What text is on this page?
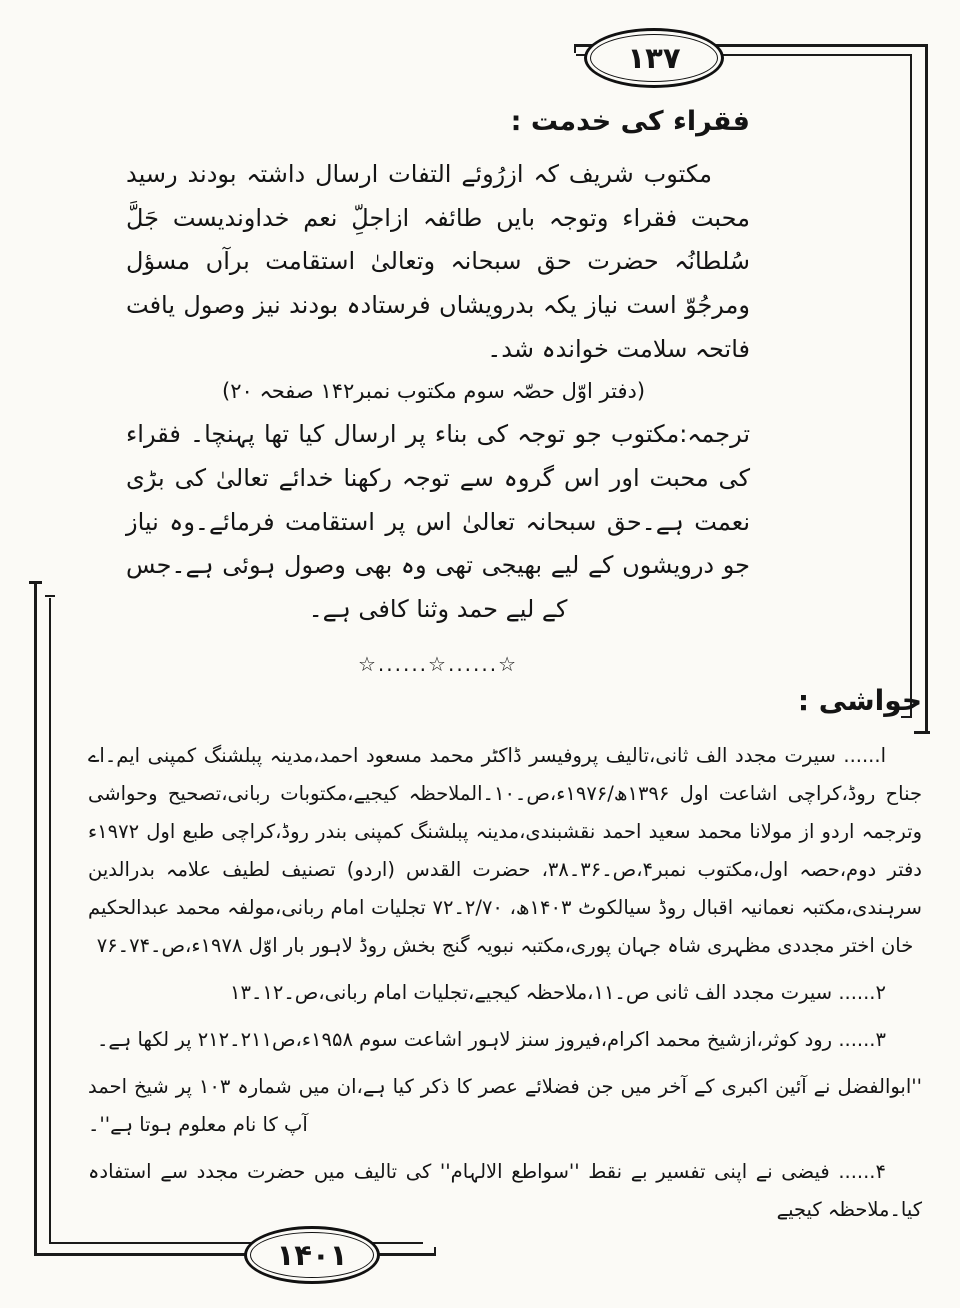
۱۳۷
۱۴۰۱
فقراء کی خدمت :

مکتوب شریف کہ ازرُوئے التفات ارسال داشتہ بودند رسید محبت فقراء وتوجہ بایں طائفہ ازاجلِّ نعم خداوندیست جَلَّ سُلطانُہ حضرت حق سبحانہ وتعالیٰ استقامت برآں مسؤل ومرجُوّ است نیاز یکہ بدرویشاں فرستادہ بودند نیز وصول یافت فاتحہ سلامت خواندہ شد۔

(دفتر اوّل حصّہ سوم مکتوب نمبر۱۴۲ صفحہ ۲۰)

ترجمہ:مکتوب جو توجہ کی بناء پر ارسال کیا تھا پہنچا۔ فقراء کی محبت اور اس گروہ سے توجہ رکھنا خدائے تعالیٰ کی بڑی نعمت ہے۔حق سبحانہ تعالیٰ اس پر استقامت فرمائے۔وہ نیاز جو درویشوں کے لیے بھیجی تھی وہ بھی وصول ہوئی ہے۔جس کے لیے حمد وثنا کافی ہے۔

☆......☆......☆
حواشی :

ا...... سیرت مجدد الف ثانی،تالیف پروفیسر ڈاکٹر محمد مسعود احمد،مدینہ پبلشنگ کمپنی ایم۔اے جناح روڈ،کراچی اشاعت اول ۱۳۹۶ھ/۱۹۷۶ء،ص۔۱۰۔الملاحظہ کیجیے،مکتوبات ربانی،تصحیح وحواشی وترجمہ اردو از مولانا محمد سعید احمد نقشبندی،مدینہ پبلشنگ کمپنی بندر روڈ،کراچی طبع اول ۱۹۷۲ء دفتر دوم،حصہ اول،مکتوب نمبر۴،ص۔۳۶۔۳۸، حضرت القدس (اردو) تصنیف لطیف علامہ بدرالدین سرہندی،مکتبہ نعمانیہ اقبال روڈ سیالکوٹ ۱۴۰۳ھ، ۲/۷۰۔۷۲ تجلیات امام ربانی،مولفہ محمد عبدالحکیم خان اختر مجددی مظہری شاہ جہان پوری،مکتبہ نبویہ گنج بخش روڈ لاہور بار اوّل ۱۹۷۸ء،ص۔۷۴۔۷۶

۲...... سیرت مجدد الف ثانی ص۔۱۱،ملاحظہ کیجیے،تجلیات امام ربانی،ص۔۱۲۔۱۳

۳...... رود کوثر،ازشیخ محمد اکرام،فیروز سنز لاہور اشاعت سوم ۱۹۵۸ء،ص۲۱۱۔۲۱۲ پر لکھا ہے۔

''ابوالفضل نے آئین اکبری کے آخر میں جن فضلائے عصر کا ذکر کیا ہے،ان میں شمارہ ۱۰۳ پر شیخ احمد آپ کا نام معلوم ہوتا ہے''۔

۴...... فیضی نے اپنی تفسیر بے نقط ''سواطع الالہام'' کی تالیف میں حضرت مجدد سے استفادہ کیا۔ملاحظہ کیجیے
